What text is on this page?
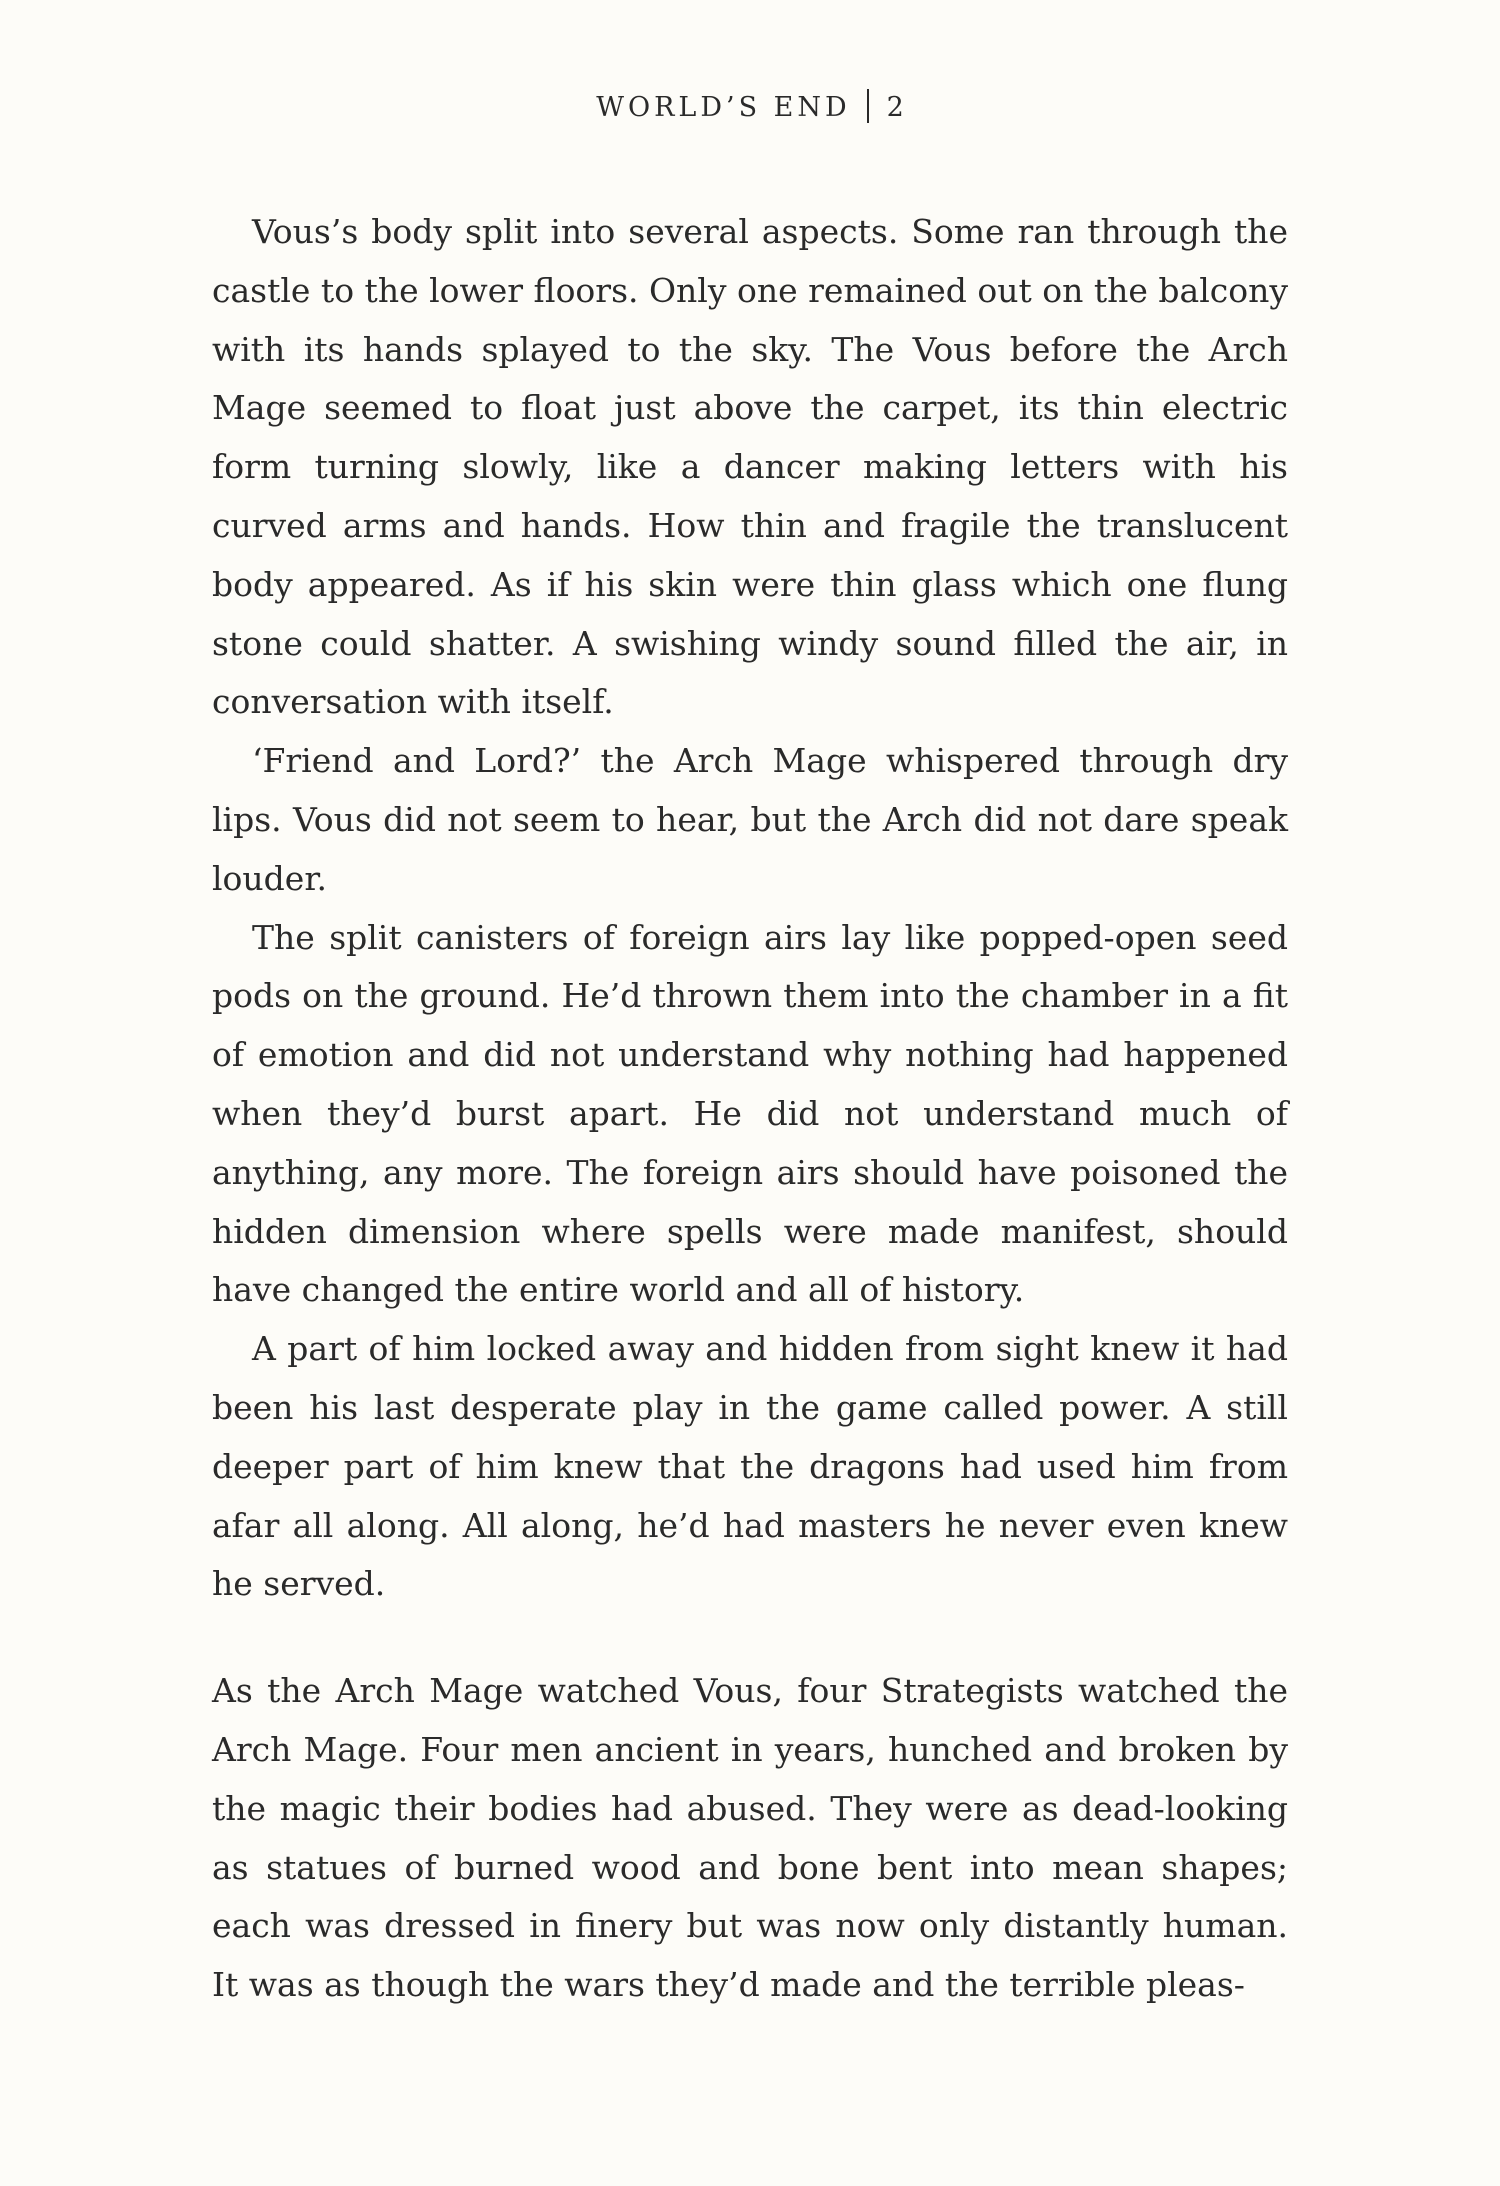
WORLD’S END 2

Vous’s body split into several aspects. Some ran through the castle to the lower floors. Only one remained out on the balcony with its hands splayed to the sky. The Vous before the Arch Mage seemed to float just above the carpet, its thin electric form turning slowly, like a dancer making letters with his curved arms and hands. How thin and fragile the translucent body appeared. As if his skin were thin glass which one flung stone could shatter. A swishing windy sound filled the air, in conversation with itself.

‘Friend and Lord?’ the Arch Mage whispered through dry lips. Vous did not seem to hear, but the Arch did not dare speak louder.

The split canisters of foreign airs lay like popped-open seed pods on the ground. He’d thrown them into the chamber in a fit of emotion and did not understand why nothing had happened when they’d burst apart. He did not understand much of anything, any more. The foreign airs should have poisoned the hidden dimension where spells were made manifest, should have changed the entire world and all of history.

A part of him locked away and hidden from sight knew it had been his last desperate play in the game called power. A still deeper part of him knew that the dragons had used him from afar all along. All along, he’d had masters he never even knew he served.

As the Arch Mage watched Vous, four Strategists watched the Arch Mage. Four men ancient in years, hunched and broken by the magic their bodies had abused. They were as dead-looking as statues of burned wood and bone bent into mean shapes; each was dressed in finery but was now only distantly human. It was as though the wars they’d made and the terrible pleas-
